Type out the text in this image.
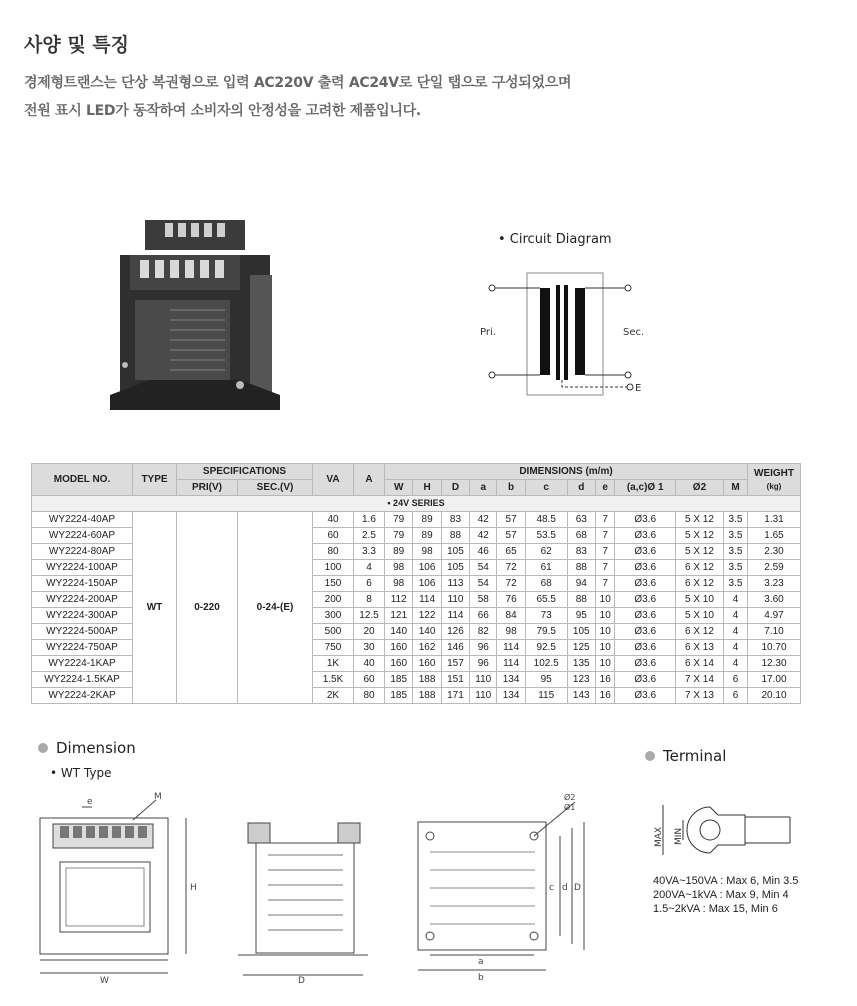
사양 및 특징
경제형트랜스는 단상 복권형으로 입력 AC220V 출력 AC24V로 단일 탭으로 구성되었으며
전원 표시 LED가 동작하여 소비자의 안정성을 고려한 제품입니다.
• Circuit Diagram
Pri.	Sec.
E
MODEL NO.	TYPE	SPECIFICATIONS		VA	A	DIMENSIONS (m/m)											WEIGHT
(kg)
		PRI(V)	SEC.(V)			W	H	D	a	b	c	d	e	(a,c)Ø 1	Ø2	M	
• 24V SERIES																	
WY2224-40AP	WT	0-220	0-24-(E)	40	1.6	79	89	83	42	57	48.5	63	7	Ø3.6	5 X 12	3.5	1.31
WY2224-60AP				60	2.5	79	89	88	42	57	53.5	68	7	Ø3.6	5 X 12	3.5	1.65
WY2224-80AP				80	3.3	89	98	105	46	65	62	83	7	Ø3.6	5 X 12	3.5	2.30
WY2224-100AP				100	4	98	106	105	54	72	61	88	7	Ø3.6	6 X 12	3.5	2.59
WY2224-150AP				150	6	98	106	113	54	72	68	94	7	Ø3.6	6 X 12	3.5	3.23
WY2224-200AP				200	8	112	114	110	58	76	65.5	88	10	Ø3.6	5 X 10	4	3.60
WY2224-300AP				300	12.5	121	122	114	66	84	73	95	10	Ø3.6	5 X 10	4	4.97
WY2224-500AP				500	20	140	140	126	82	98	79.5	105	10	Ø3.6	6 X 12	4	7.10
WY2224-750AP				750	30	160	162	146	96	114	92.5	125	10	Ø3.6	6 X 13	4	10.70
WY2224-1KAP				1K	40	160	160	157	96	114	102.5	135	10	Ø3.6	6 X 14	4	12.30
WY2224-1.5KAP				1.5K	60	185	188	151	110	134	95	123	16	Ø3.6	7 X 14	6	17.00
WY2224-2KAP				2K	80	185	188	171	110	134	115	143	16	Ø3.6	7 X 13	6	20.10
Dimension
• WT Type
e	M
H
W	D
Ø2
Ø1
c d D
a
b
Terminal
MIN
MAX
40VA~150VA : Max 6, Min 3.5
200VA~1kVA : Max 9, Min 4
1.5~2kVA : Max 15, Min 6
